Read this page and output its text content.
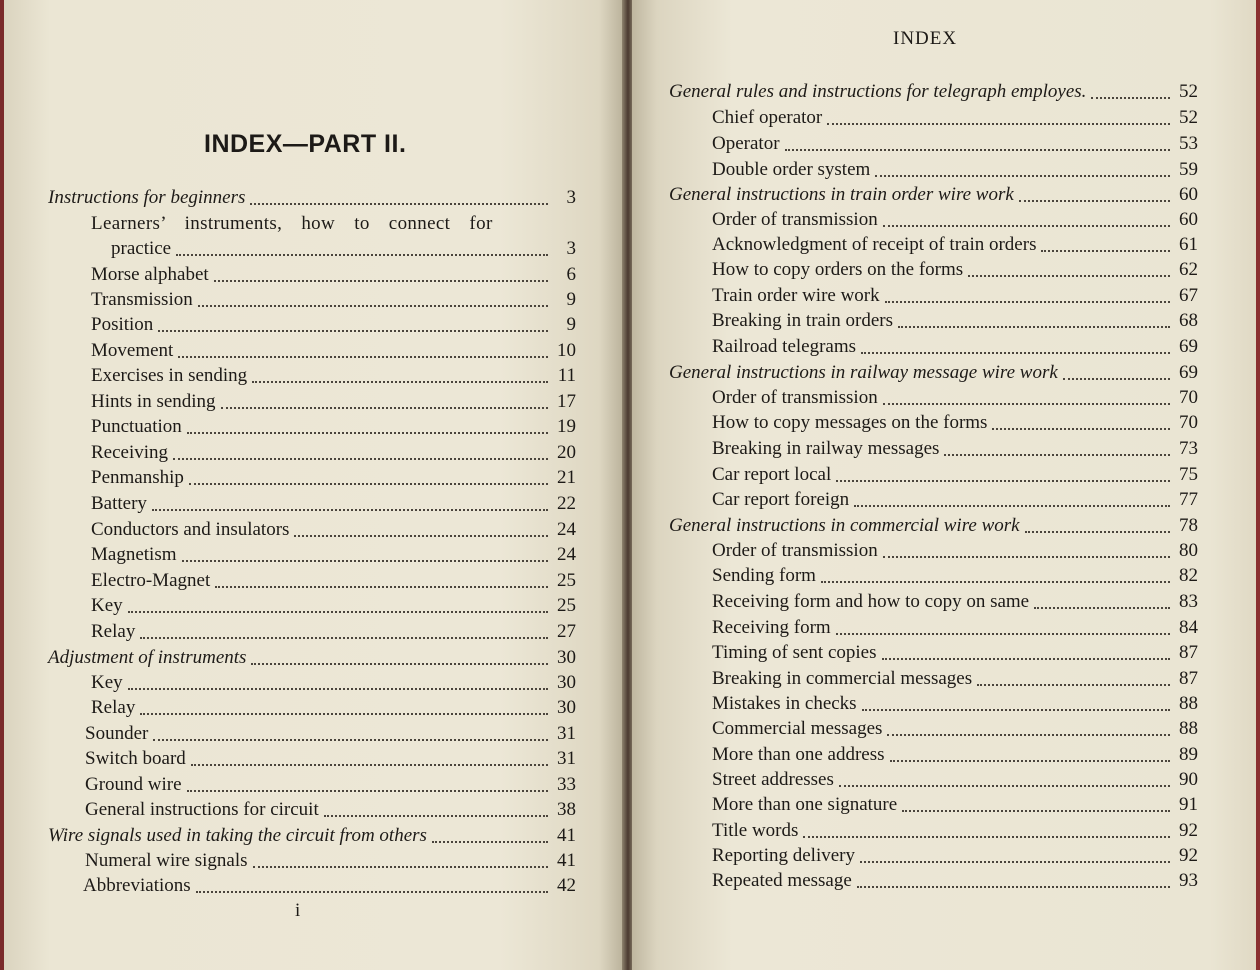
INDEX—PART II.
Instructions for beginners	3
Learners’ instruments, how to connect for
practice	3
Morse alphabet	6
Transmission	9
Position	9
Movement	10
Exercises in sending	11
Hints in sending	17
Punctuation	19
Receiving	20
Penmanship	21
Battery	22
Conductors and insulators	24
Magnetism	24
Electro-Magnet	25
Key	25
Relay	27
Adjustment of instruments	30
Key	30
Relay	30
Sounder	31
Switch board	31
Ground wire	33
General instructions for circuit	38
Wire signals used in taking the circuit from others	41
Numeral wire signals	41
Abbreviations	42
i
General rules and instructions for telegraph employes.	52
Chief operator	52
Operator	53
Double order system	59
General instructions in train order wire work	60
Order of transmission	60
Acknowledgment of receipt of train orders	61
How to copy orders on the forms	62
Train order wire work	67
Breaking in train orders	68
Railroad telegrams	69
General instructions in railway message wire work	69
Order of transmission	70
How to copy messages on the forms	70
Breaking in railway messages	73
Car report local	75
Car report foreign	77
General instructions in commercial wire work	78
Order of transmission	80
Sending form	82
Receiving form and how to copy on same	83
Receiving form	84
Timing of sent copies	87
Breaking in commercial messages	87
Mistakes in checks	88
Commercial messages	88
More than one address	89
Street addresses	90
More than one signature	91
Title words	92
Reporting delivery	92
Repeated message	93
INDEX
